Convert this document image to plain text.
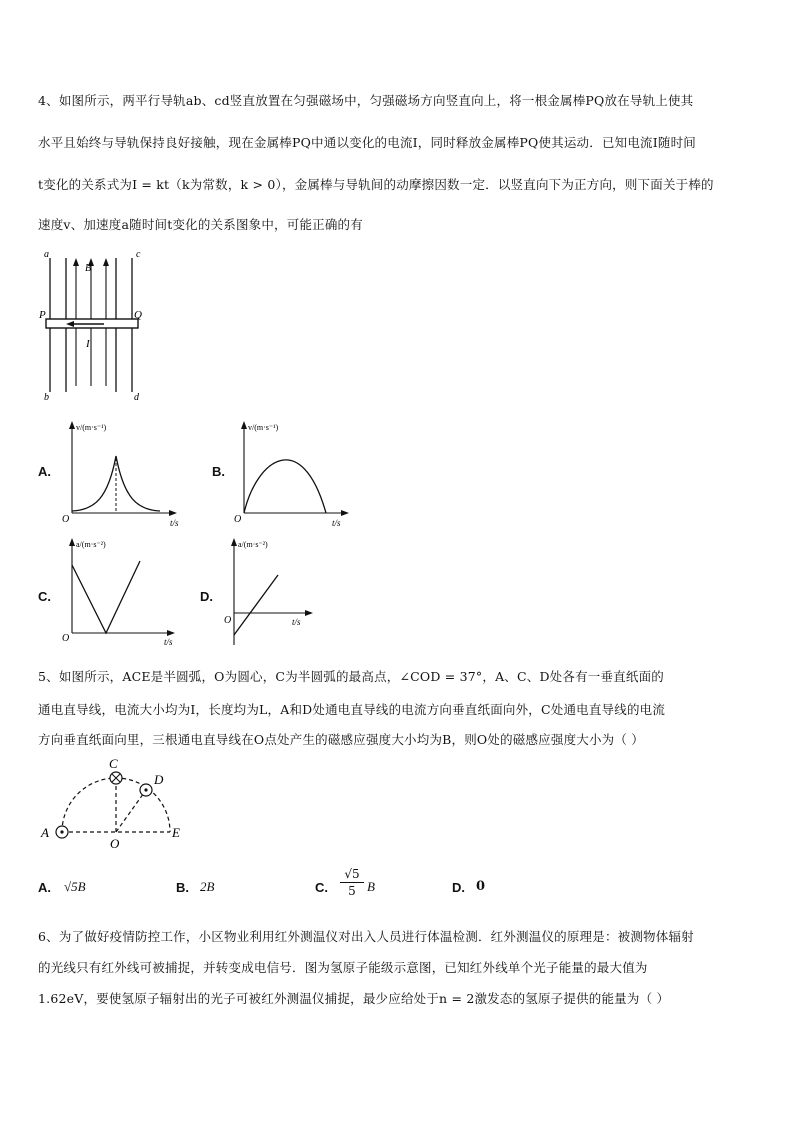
4、如图所示，两平行导轨ab、cd竖直放置在匀强磁场中，匀强磁场方向竖直向上，将一根金属棒PQ放在导轨上使其
水平且始终与导轨保持良好接触，现在金属棒PQ中通以变化的电流I，同时释放金属棒PQ使其运动．已知电流I随时间
t变化的关系式为I = kt（k为常数，k > 0），金属棒与导轨间的动摩擦因数一定．以竖直向下为正方向，则下面关于棒的
速度v、加速度a随时间t变化的关系图象中，可能正确的有
a	c
B
P	Q
I
b	d
A.
v/(m·s⁻¹)
O	t/s
B.
v/(m·s⁻¹)
O	t/s
C.
a/(m·s⁻²)
O	t/s
D.
a/(m·s⁻²)
O	t/s
5、如图所示，ACE是半圆弧，O为圆心，C为半圆弧的最高点，∠COD = 37°，A、C、D处各有一垂直纸面的
通电直导线，电流大小均为I，长度均为L，A和D处通电直导线的电流方向垂直纸面向外，C处通电直导线的电流
方向垂直纸面向里，三根通电直导线在O点处产生的磁感应强度大小均为B，则O处的磁感应强度大小为（ ）
A
C
D
O
E
A. √5B	B. 2B	C. $\frac{√5}{5}$ B	D. 0
6、为了做好疫情防控工作，小区物业利用红外测温仪对出入人员进行体温检测．红外测温仪的原理是：被测物体辐射
的光线只有红外线可被捕捉，并转变成电信号．图为氢原子能级示意图，已知红外线单个光子能量的最大值为
1.62eV，要使氢原子辐射出的光子可被红外测温仪捕捉，最少应给处于n = 2激发态的氢原子提供的能量为（ ）
